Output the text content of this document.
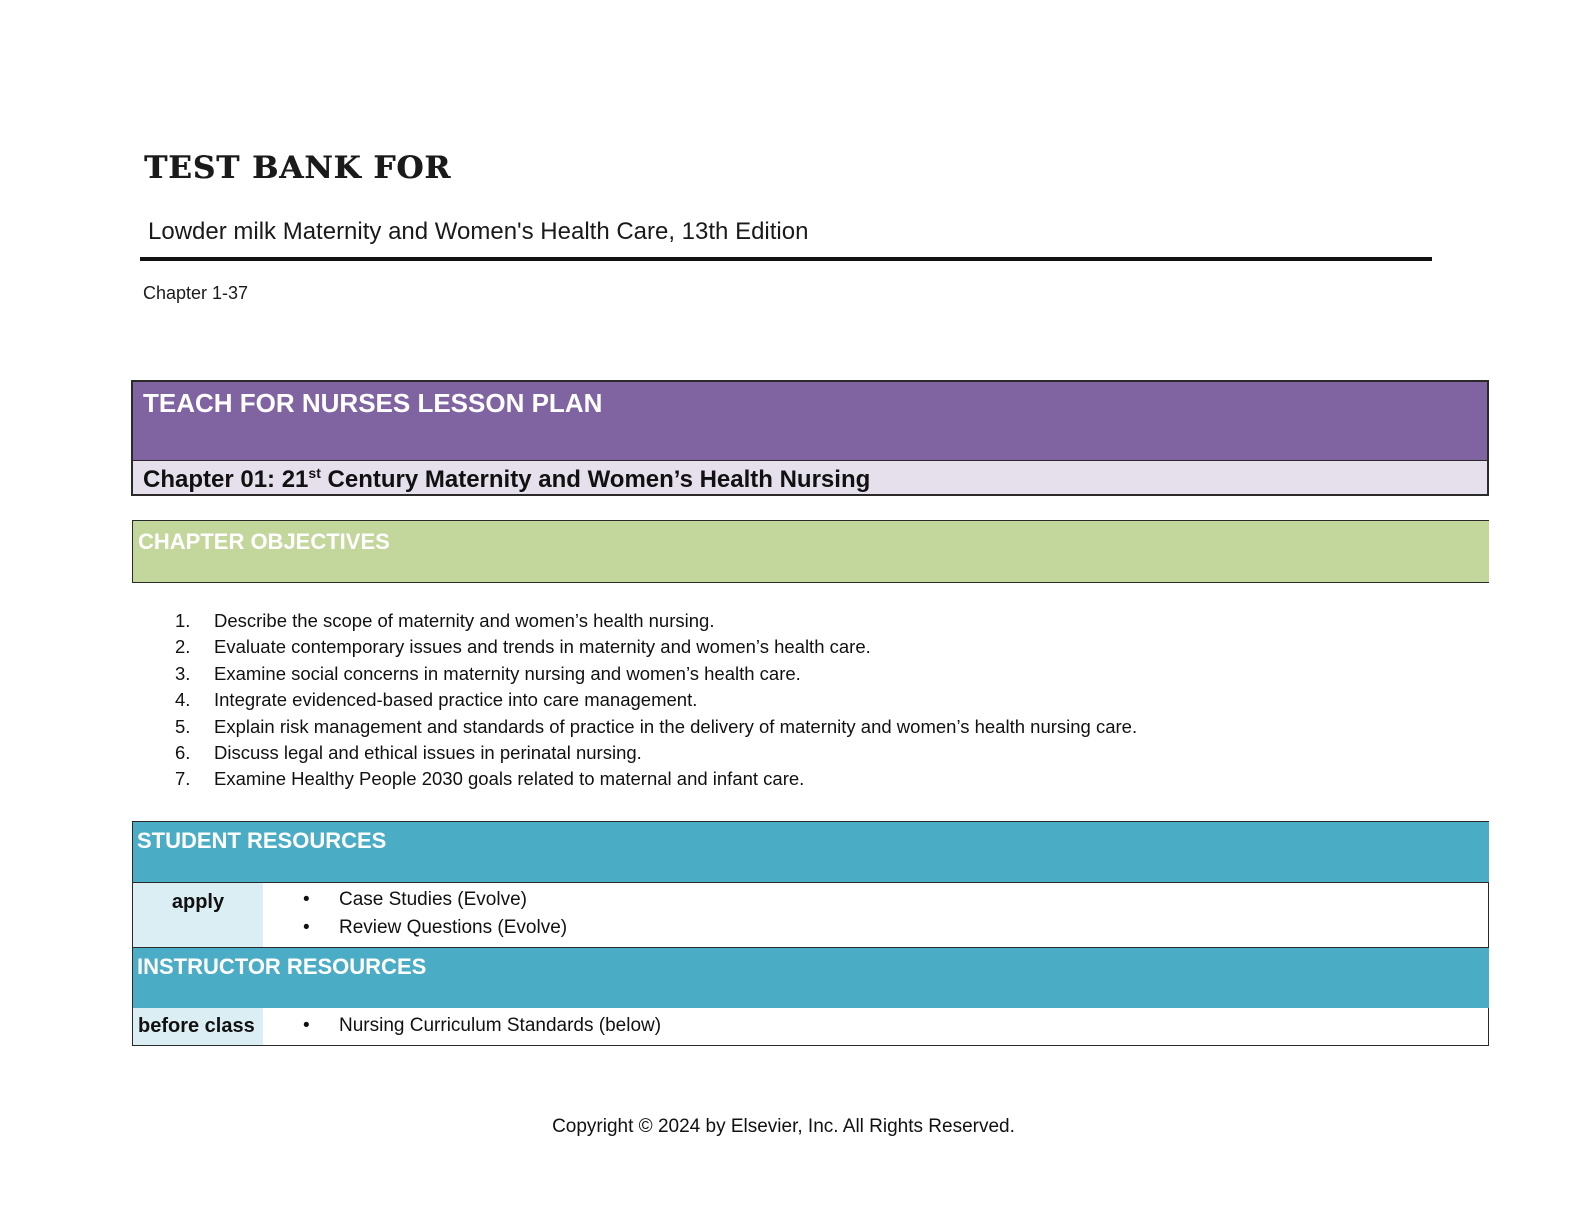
TEST BANK FOR
Lowder milk Maternity and Women's Health Care, 13th Edition
Chapter 1-37
TEACH FOR NURSES LESSON PLAN
Chapter 01: 21st Century Maternity and Women’s Health Nursing
CHAPTER OBJECTIVES
1.	Describe the scope of maternity and women’s health nursing.
2.	Evaluate contemporary issues and trends in maternity and women’s health care.
3.	Examine social concerns in maternity nursing and women’s health care.
4.	Integrate evidenced-based practice into care management.
5.	Explain risk management and standards of practice in the delivery of maternity and women’s health nursing care.
6.	Discuss legal and ethical issues in perinatal nursing.
7.	Examine Healthy People 2030 goals related to maternal and infant care.
STUDENT RESOURCES
apply	• Case Studies (Evolve)
• Review Questions (Evolve)
INSTRUCTOR RESOURCES
before class	• Nursing Curriculum Standards (below)
Copyright © 2024 by Elsevier, Inc. All Rights Reserved.
